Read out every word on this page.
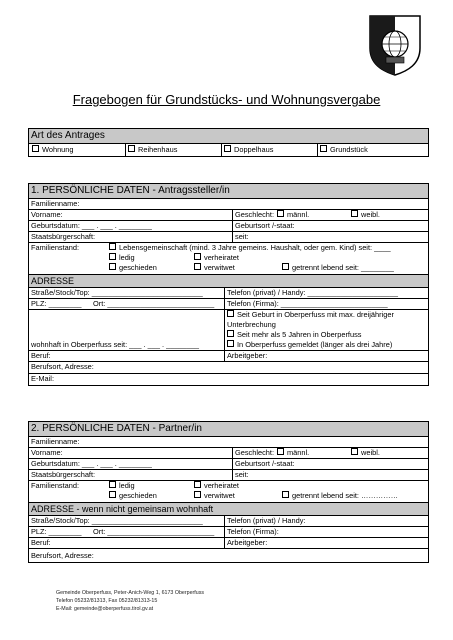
Fragebogen für Grundstücks- und Wohnungsvergabe
Art des Antrages
Wohnung	Reihenhaus	Doppelhaus	Grundstück
1. PERSÖNLICHE DATEN - Antragssteller/in
Familienname:
Vorname:	Geschlecht:	männl.	weibl.
Geburtsdatum: ___ . ___ . ________	Geburtsort /-staat:
Staatsbürgerschaft:	seit:
Familienstand:	Lebensgemeinschaft (mind. 3 Jahre gemeins. Haushalt, oder gem. Kind) seit: ____
ledig	verheiratet
geschieden	verwitwet	getrennt lebend seit: ________
ADRESSE
Straße/Stock/Top: ___________________________	Telefon (privat) / Handy: ______________________
PLZ: ________ Ort: __________________________ Telefon (Firma): __________________________
wohnhaft in Oberperfuss seit: ___ . ___ . ________
Seit Geburt in Oberperfuss mit max. dreijähriger Unterbrechung
Seit mehr als 5 Jahren in Oberperfuss
In Oberperfuss gemeldet (länger als drei Jahre)
Beruf:	Arbeitgeber:
Berufsort, Adresse:
E-Mail:
2. PERSÖNLICHE DATEN - Partner/in
Familienname:
Vorname:	Geschlecht:	männl.	weibl.
Geburtsdatum: ___ . ___ . ________	Geburtsort /-staat:
Staatsbürgerschaft:	seit:
Familienstand:	ledig	verheiratet
geschieden	verwitwet	getrennt lebend seit: ……………
ADRESSE - wenn nicht gemeinsam wohnhaft
Straße/Stock/Top: ___________________________	Telefon (privat) / Handy:
PLZ: ________ Ort: __________________________ Telefon (Firma):
Beruf:	Arbeitgeber:
Berufsort, Adresse:
Gemeinde Oberperfuss, Peter-Anich-Weg 1, 6173 Oberperfuss
Telefon 05232/81313, Fax 05232/81313-15
E-Mail: gemeinde@oberperfuss.tirol.gv.at
